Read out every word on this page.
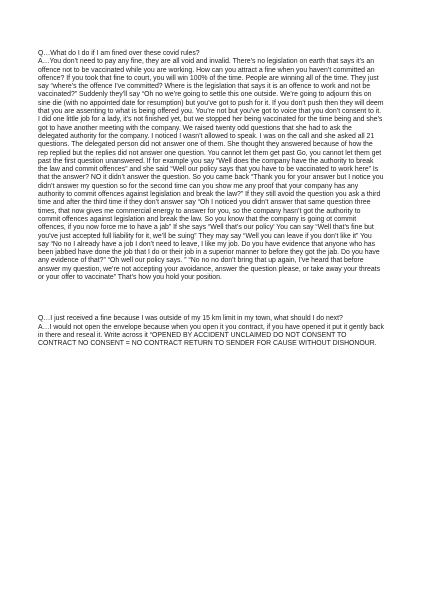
Q…What do I do if I am fined over these covid rules?

A…You don’t need to pay any fine, they are all void and invalid. There’s no legislation on earth that says it’s an offence not to be vaccinated while you are working. How can you attract a fine when you haven’t committed an offence? If you took that fine to court, you will win 100% of the time. People are winning all of the time. They just say “where’s the offence I’ve committed? Where is the legislation that says it is an offence to work and not be vaccinated?” Suddenly they’ll say “Oh no we’re going to settle this one outside. We’re going to adjourn this on sine die (with no appointed date for resumption) but you’ve got to push for it. If you don’t push then they will deem that you are assenting to what is being offered you. You’re not but you’ve got to voice that you don’t consent to it. I did one little job for a lady, it’s not finished yet, but we stopped her being vaccinated for the time being and she’s got to have another meeting with the company. We raised twenty odd questions that she had to ask the delegated authority for the company. I noticed I wasn’t allowed to speak. I was on the call and she asked all 21 questions. The delegated person did not answer one of them. She thought they answered because of how the rep replied but the replies did not answer one question. You cannot let them get past Go, you cannot let them get past the first question unanswered. If for example you say “Well does the company have the authority to break the law and commit offences” and she said “Well our policy says that you have to be vaccinated to work here” Is that the answer? NO it didn’t answer the question. So you came back “Thank you for your answer but I notice you didn’t answer my question so for the second time can you show me any proof that your company has any authority to commit offences against legislation and break the law?” If they still avoid the question you ask a third time and after the third time if they don’t answer say “Oh I noticed you didn’t answer that same question three times, that now gives me commercial energy to answer for you, so the company hasn’t got the authority to commit offences against legislation and break the law. So you know that the company is going ot commit offences, if you now force me to have a jab” If she says “Well that’s our policy’ You can say “Well that’s fine but you’ve just accepted full liability for it, we’ll be suing” They may say “Well you can leave if you don’t like it” You say “No no I already have a job I don’t need to leave, I like my job. Do you have evidence that anyone who has been jabbed have done the job that I do or their job in a superior manner to before they got the jab. Do you have any evidence of that?” “Oh well our policy says. ” “No no no don’t bring that up again, I’ve heard that before answer my question, we’re not accepting your avoidance, answer the question please, or take away your threats or your offer to vaccinate” That’s how you hold your position.

Q…I just received a fine because I was outside of my 15 km limit in my town, what should I do next?

A…I would not open the envelope because when you open it you contract, if you have opened it put it gently back in there and reseal it. Write across it “OPENED BY ACCIDENT UNCLAIMED DO NOT CONSENT TO CONTRACT NO CONSENT = NO CONTRACT RETURN TO SENDER FOR CAUSE WITHOUT DISHONOUR.
